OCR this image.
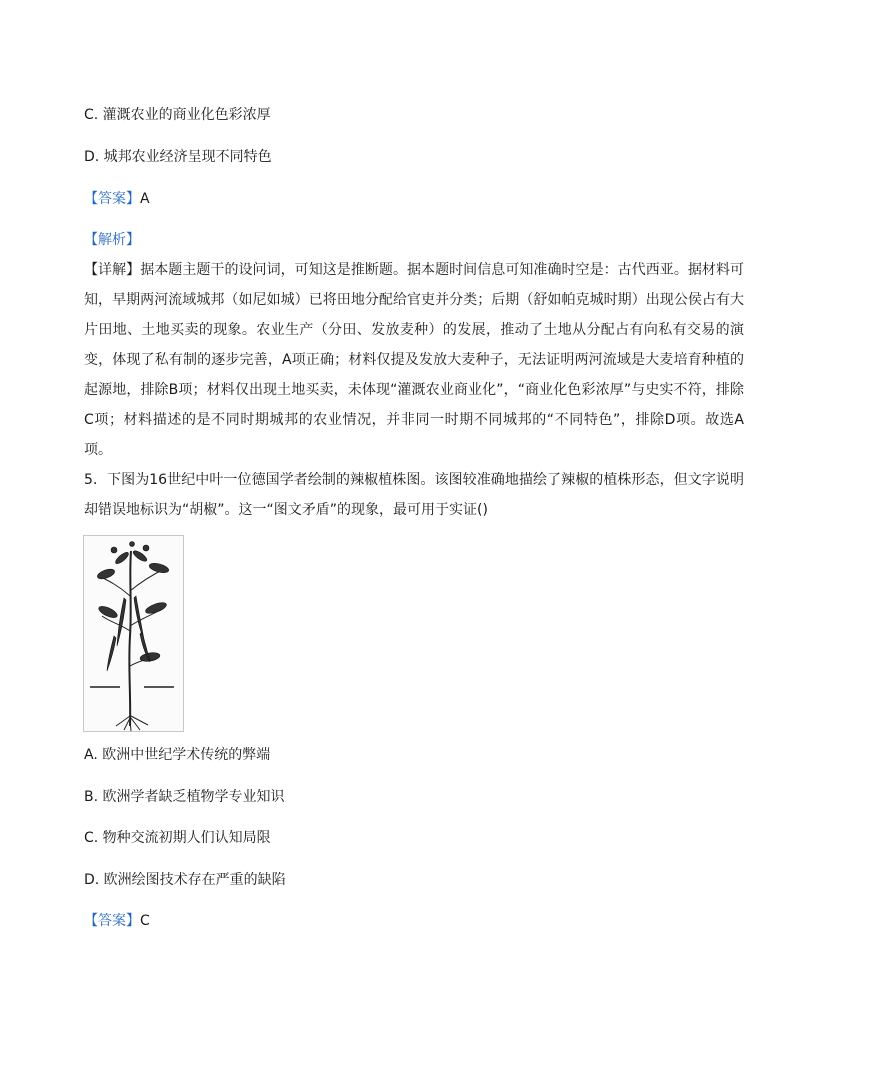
C. 灌溉农业的商业化色彩浓厚
D. 城邦农业经济呈现不同特色
【答案】A
【解析】
【详解】据本题主题干的设问词，可知这是推断题。据本题时间信息可知准确时空是：古代西亚。据材料可知，早期两河流域城邦（如尼如城）已将田地分配给官吏并分类；后期（舒如帕克城时期）出现公侯占有大片田地、土地买卖的现象。农业生产（分田、发放麦种）的发展，推动了土地从分配占有向私有交易的演变，体现了私有制的逐步完善，A项正确；材料仅提及发放大麦种子，无法证明两河流域是大麦培育种植的起源地，排除B项；材料仅出现土地买卖，未体现“灌溉农业商业化”，“商业化色彩浓厚”与史实不符，排除C项；材料描述的是不同时期城邦的农业情况，并非同一时期不同城邦的“不同特色”，排除D项。故选A项。
5．下图为16世纪中叶一位德国学者绘制的辣椒植株图。该图较准确地描绘了辣椒的植株形态，但文字说明却错误地标识为“胡椒”。这一“图文矛盾”的现象，最可用于实证()
A. 欧洲中世纪学术传统的弊端
B. 欧洲学者缺乏植物学专业知识
C. 物种交流初期人们认知局限
D. 欧洲绘图技术存在严重的缺陷
【答案】C
